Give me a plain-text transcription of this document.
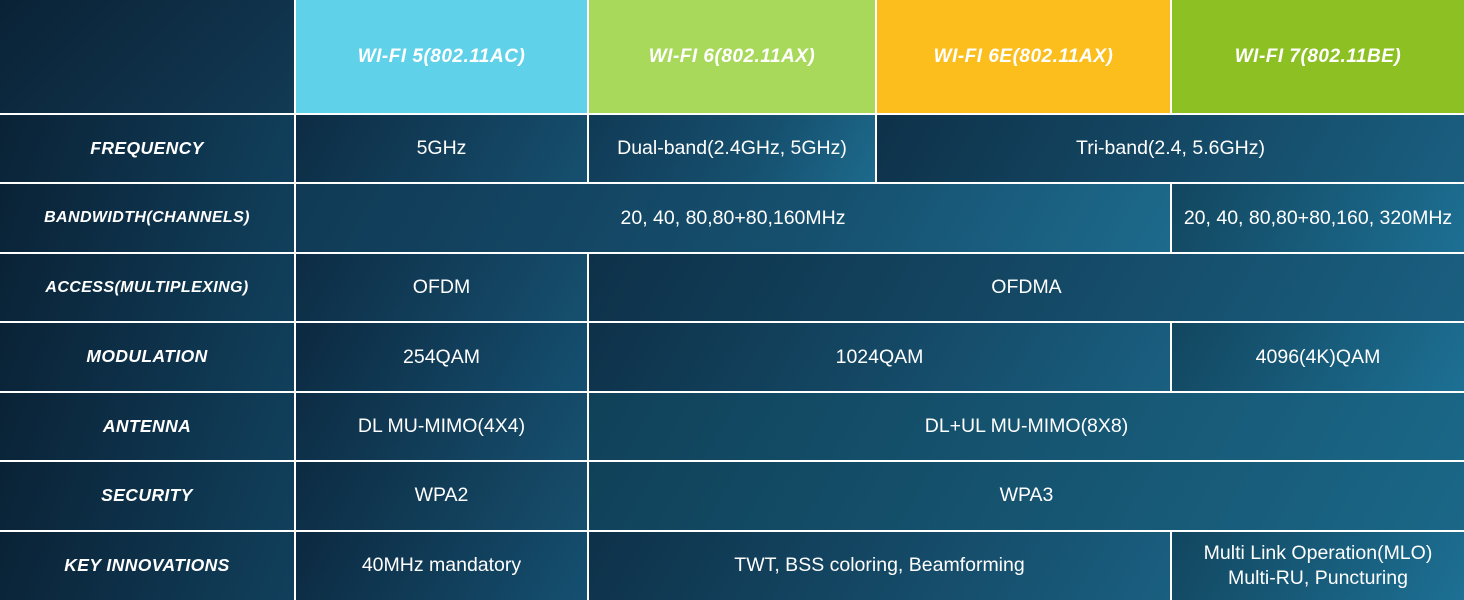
	WI-FI 5(802.11AC)	WI-FI 6(802.11AX)	WI-FI 6E(802.11AX)	WI-FI 7(802.11BE)
FREQUENCY	5GHz	Dual-band(2.4GHz, 5GHz)	Tri-band(2.4, 5.6GHz)	
BANDWIDTH(CHANNELS)	20, 40, 80,80+80,160MHz			20, 40, 80,80+80,160, 320MHz
ACCESS(MULTIPLEXING)	OFDM	OFDMA		
MODULATION	254QAM	1024QAM		4096(4K)QAM
ANTENNA	DL MU-MIMO(4X4)	DL+UL MU-MIMO(8X8)		
SECURITY	WPA2	WPA3		
KEY INNOVATIONS	40MHz mandatory	TWT, BSS coloring, Beamforming		Multi Link Operation(MLO) Multi-RU, Puncturing
